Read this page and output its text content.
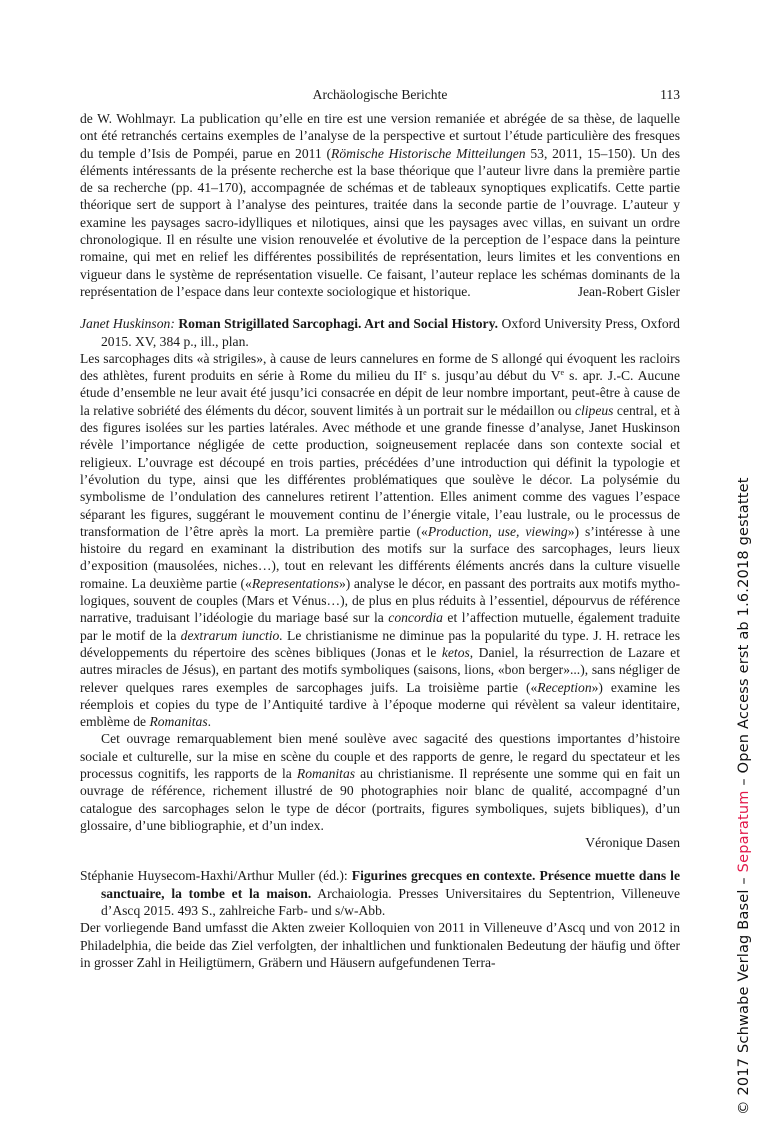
Archäologische Berichte	113

de W. Wohlmayr. La publication qu’elle en tire est une version remaniée et abrégée de sa thèse, de laquelle ont été retranchés certains exemples de l’analyse de la perspective et surtout l’étude particulière des fresques du temple d’Isis de Pompéi, parue en 2011 (Römische Historische Mitteilungen 53, 2011, 15–150). Un des éléments intéressants de la présente recherche est la base théorique que l’auteur livre dans la première partie de sa recherche (pp. 41–170), accompagnée de schémas et de tableaux synoptiques explicatifs. Cette partie théorique sert de support à l’analyse des peintures, traitée dans la seconde partie de l’ouvrage. L’auteur y examine les paysages sacro-idylliques et nilotiques, ainsi que les paysages avec villas, en suivant un ordre chronologique. Il en résulte une vision renouvelée et évolutive de la perception de l’espace dans la peinture romaine, qui met en relief les différentes possibilités de représentation, leurs limites et les conventions en vigueur dans le système de représentation visuelle. Ce faisant, l’auteur replace les schémas dominants de la représentation de l’espace dans leur contexte sociologique et historique.	Jean-Robert Gisler

Janet Huskinson: Roman Strigillated Sarcophagi. Art and Social History. Oxford University Press, Oxford 2015. XV, 384 p., ill., plan.

Les sarcophages dits «à strigiles», à cause de leurs cannelures en forme de S allongé qui évoquent les racloirs des athlètes, furent produits en série à Rome du milieu du IIe s. jusqu’au début du Ve s. apr. J.-C. Aucune étude d’ensemble ne leur avait été jusqu’ici consacrée en dépit de leur nombre important, peut-être à cause de la relative sobriété des éléments du décor, souvent limités à un portrait sur le médaillon ou clipeus central, et à des figures isolées sur les parties latérales. Avec méthode et une grande finesse d’analyse, Janet Huskinson révèle l’importance négligée de cette production, soigneusement replacée dans son contexte social et religieux. L’ouvrage est découpé en trois parties, précédées d’une introduction qui définit la typologie et l’évolution du type, ainsi que les différentes problématiques que soulève le décor. La polysémie du symbolisme de l’ondulation des cannelures retirent l’attention. Elles animent comme des vagues l’espace séparant les figures, suggérant le mouvement continu de l’énergie vitale, l’eau lustrale, ou le processus de transformation de l’être après la mort. La première partie («Production, use, viewing») s’intéresse à une histoire du regard en examinant la distribution des motifs sur la surface des sarcophages, leurs lieux d’exposition (mausolées, niches…), tout en relevant les différents éléments ancrés dans la culture visuelle romaine. La deuxième partie («Representations») analyse le décor, en passant des portraits aux motifs mythologiques, souvent de couples (Mars et Vénus…), de plus en plus réduits à l’essentiel, dépourvus de référence narrative, traduisant l’idéologie du mariage basé sur la concordia et l’affection mutuelle, également traduite par le motif de la dextrarum iunctio. Le christianisme ne diminue pas la popularité du type. J. H. retrace les développements du répertoire des scènes bibliques (Jonas et le ketos, Daniel, la résurrection de Lazare et autres miracles de Jésus), en partant des motifs symboliques (saisons, lions, «bon berger»...), sans négliger de relever quelques rares exemples de sarcophages juifs. La troisième partie («Reception») examine les réemplois et copies du type de l’Antiquité tardive à l’époque moderne qui révèlent sa valeur identitaire, emblème de Romanitas.

Cet ouvrage remarquablement bien mené soulève avec sagacité des questions importantes d’histoire sociale et culturelle, sur la mise en scène du couple et des rapports de genre, le regard du spectateur et les processus cognitifs, les rapports de la Romanitas au christianisme. Il représente une somme qui en fait un ouvrage de référence, richement illustré de 90 photographies noir blanc de qualité, accompagné d’un catalogue des sarcophages selon le type de décor (portraits, figures symboliques, sujets bibliques), d’un glossaire, d’une bibliographie, et d’un index.

Véronique Dasen

Stéphanie Huysecom-Haxhi/Arthur Muller (éd.): Figurines grecques en contexte. Présence muette dans le sanctuaire, la tombe et la maison. Archaiologia. Presses Universitaires du Septentrion, Villeneuve d’Ascq 2015. 493 S., zahlreiche Farb- und s/w-Abb.

Der vorliegende Band umfasst die Akten zweier Kolloquien von 2011 in Villeneuve d’Ascq und von 2012 in Philadelphia, die beide das Ziel verfolgten, der inhaltlichen und funktionalen Bedeutung der häufig und öfter in grosser Zahl in Heiligtümern, Gräbern und Häusern aufgefundenen Terra-	© 2017 Schwabe Verlag Basel – Separatum – Open Access erst ab 1.6.2018 gestattet
